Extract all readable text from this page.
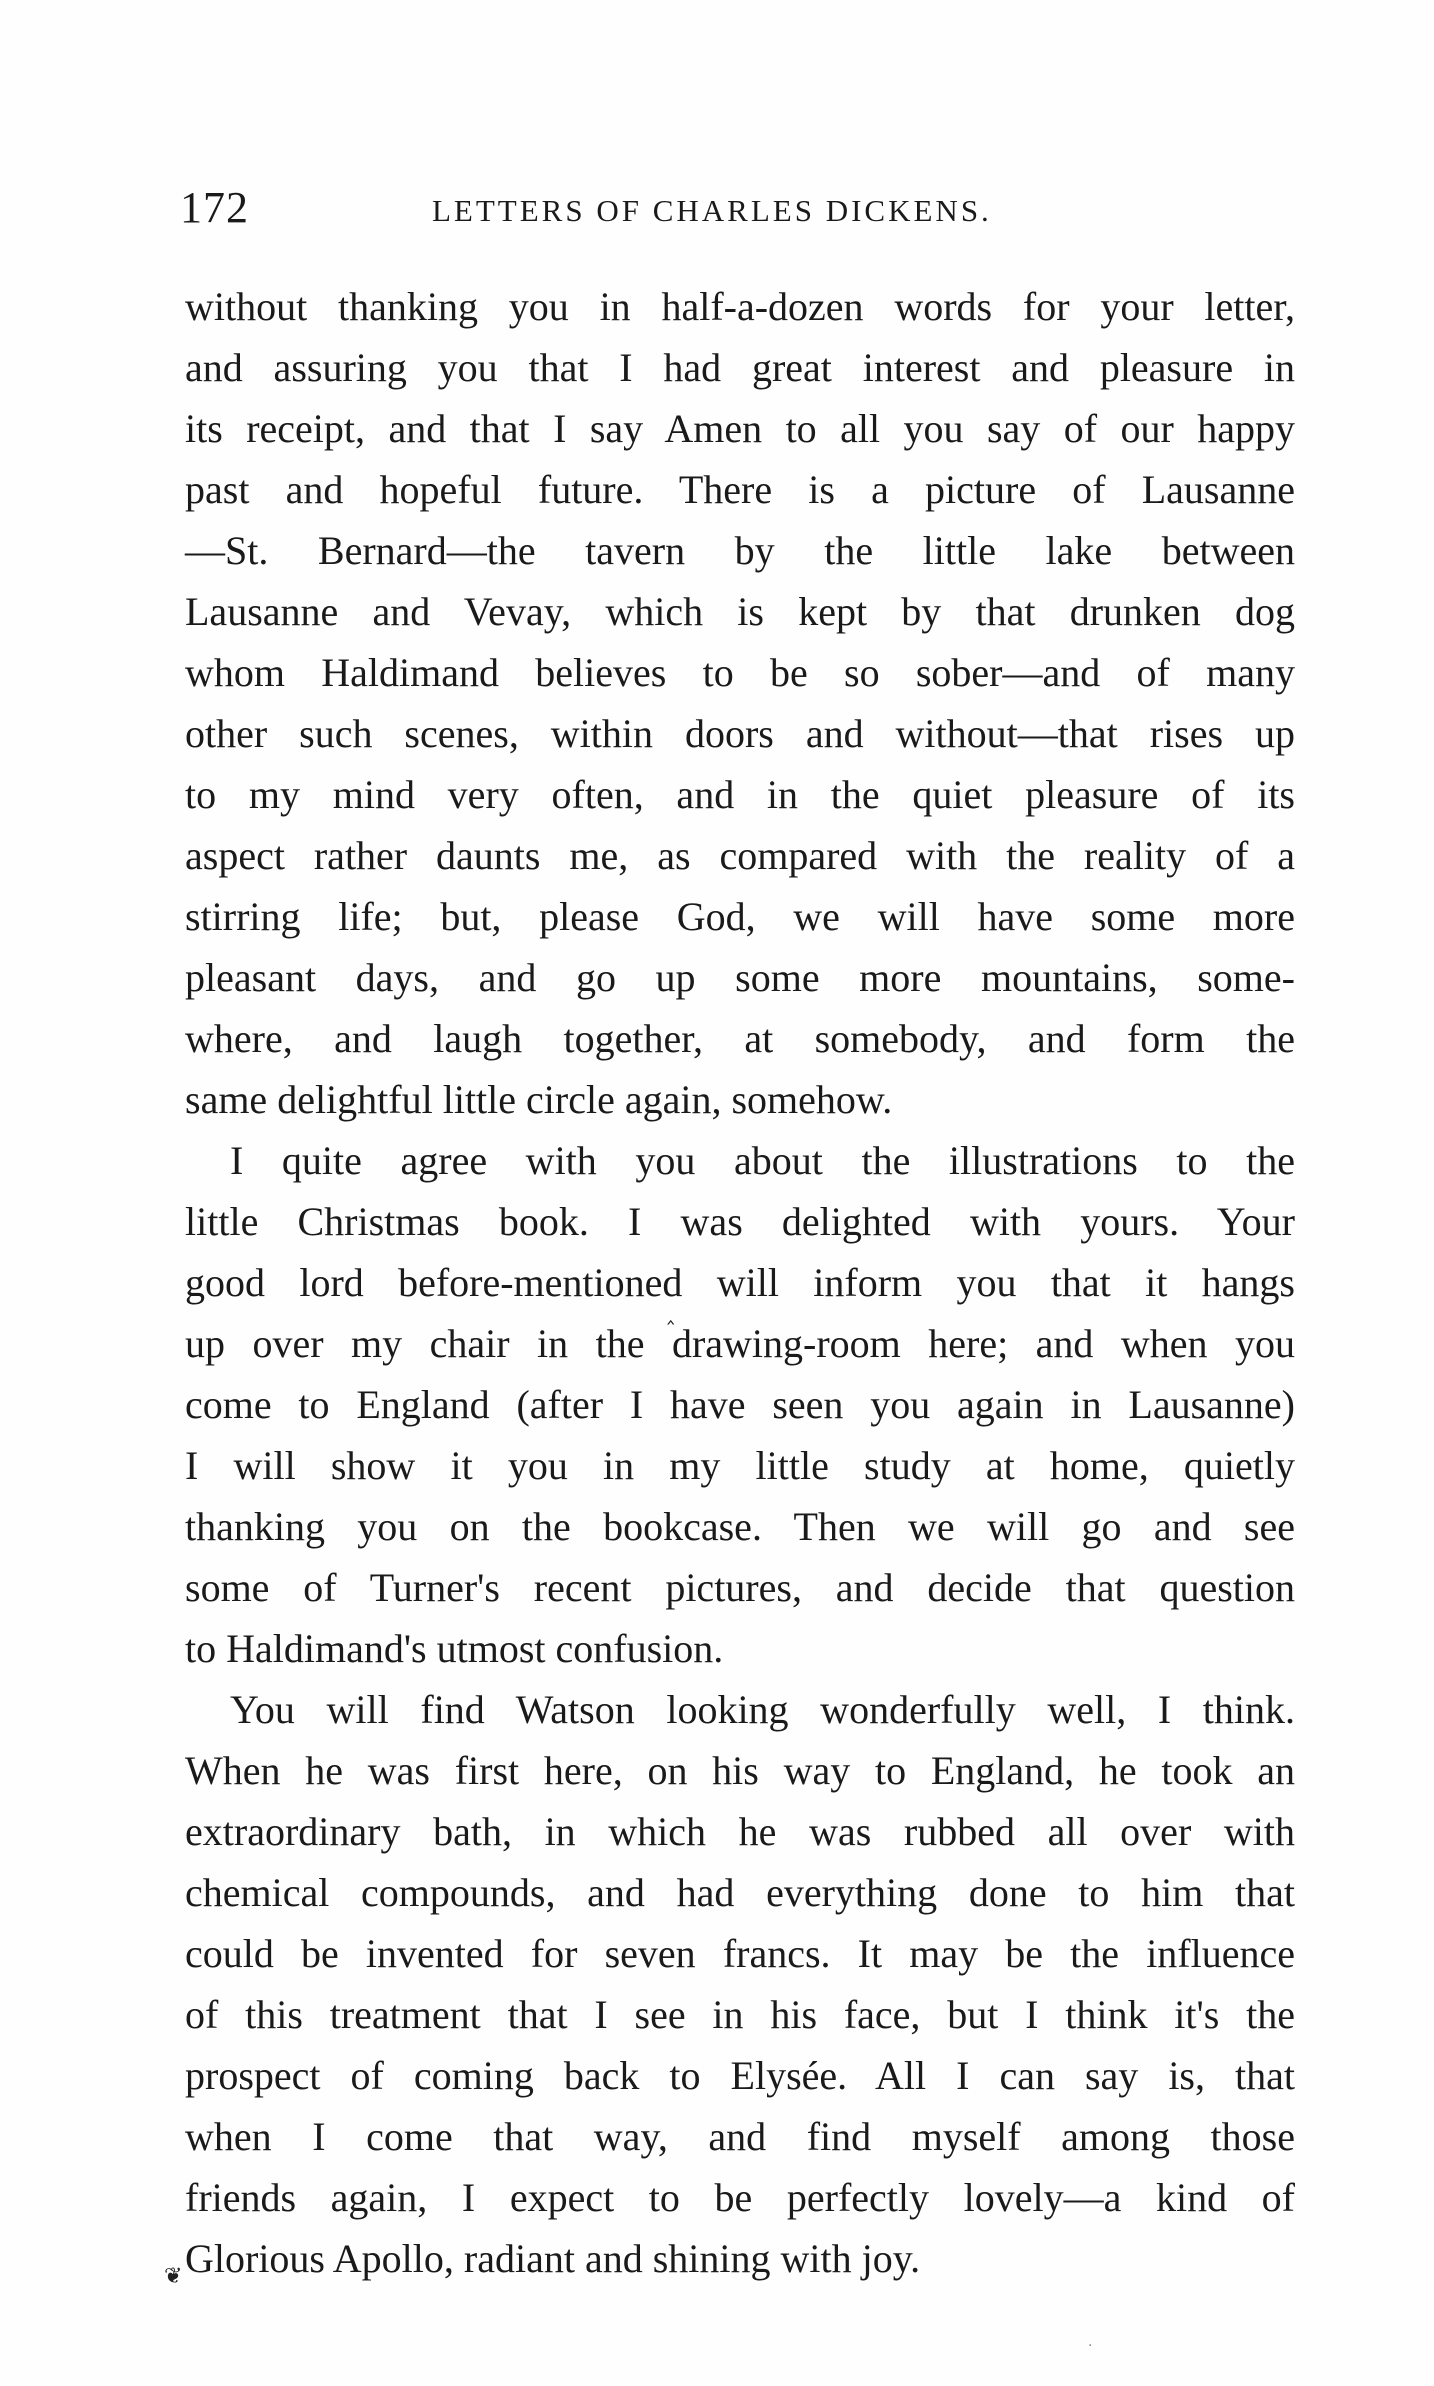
172	LETTERS OF CHARLES DICKENS.
without thanking you in half-a-dozen words for your letter,
and assuring you that I had great interest and pleasure in
its receipt, and that I say Amen to all you say of our happy
past and hopeful future. There is a picture of Lausanne
—St. Bernard—the tavern by the little lake between
Lausanne and Vevay, which is kept by that drunken dog
whom Haldimand believes to be so sober—and of many
other such scenes, within doors and without—that rises up
to my mind very often, and in the quiet pleasure of its
aspect rather daunts me, as compared with the reality of a
stirring life; but, please God, we will have some more
pleasant days, and go up some more mountains, some-
where, and laugh together, at somebody, and form the
same delightful little circle again, somehow.
I quite agree with you about the illustrations to the
little Christmas book. I was delighted with yours. Your
good lord before-mentioned will inform you that it hangs
up over my chair in the drawing-room here; and when you
come to England (after I have seen you again in Lausanne)
I will show it you in my little study at home, quietly
thanking you on the bookcase. Then we will go and see
some of Turner's recent pictures, and decide that question
to Haldimand's utmost confusion.
You will find Watson looking wonderfully well, I think.
When he was first here, on his way to England, he took an
extraordinary bath, in which he was rubbed all over with
chemical compounds, and had everything done to him that
could be invented for seven francs. It may be the influence
of this treatment that I see in his face, but I think it's the
prospect of coming back to Elysée. All I can say is, that
when I come that way, and find myself among those
friends again, I expect to be perfectly lovely—a kind of
Glorious Apollo, radiant and shining with joy.
‸
❦
·
